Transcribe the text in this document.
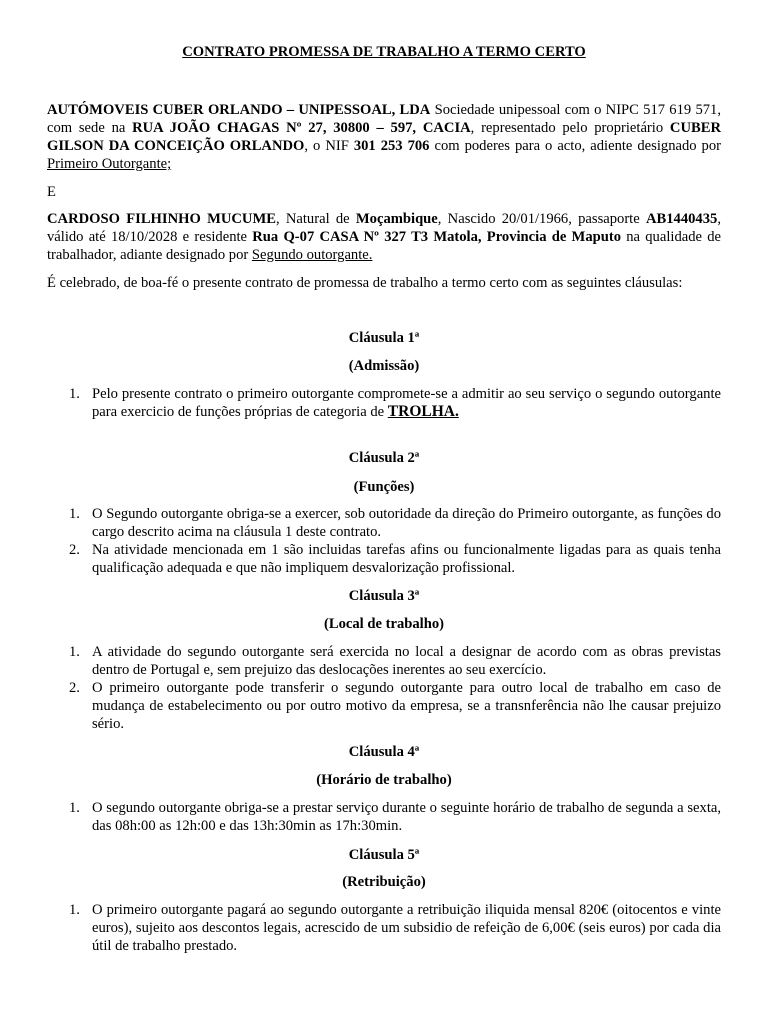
CONTRATO PROMESSA DE TRABALHO A TERMO CERTO

AUTÓMOVEIS CUBER ORLANDO – UNIPESSOAL, LDA Sociedade unipessoal com o NIPC 517 619 571, com sede na RUA JOÃO CHAGAS Nº 27, 30800 – 597, CACIA, representado pelo proprietário CUBER GILSON DA CONCEIÇÃO ORLANDO, o NIF 301 253 706 com poderes para o acto, adiente designado por Primeiro Outorgante;

E

CARDOSO FILHINHO MUCUME, Natural de Moçambique, Nascido 20/01/1966, passaporte AB1440435, válido até 18/10/2028 e residente Rua Q-07 CASA Nº 327 T3 Matola, Provincia de Maputo na qualidade de trabalhador, adiante designado por Segundo outorgante.

É celebrado, de boa-fé o presente contrato de promessa de trabalho a termo certo com as seguintes cláusulas:

Cláusula 1ª
(Admissão)
1. Pelo presente contrato o primeiro outorgante compromete-se a admitir ao seu serviço o segundo outorgante para exercicio de funções próprias de categoria de TROLHA.
Cláusula 2ª
(Funções)
1. O Segundo outorgante obriga-se a exercer, sob outoridade da direção do Primeiro outorgante, as funções do cargo descrito acima na cláusula 1 deste contrato.
2. Na atividade mencionada em 1 são incluidas tarefas afins ou funcionalmente ligadas para as quais tenha qualificação adequada e que não impliquem desvalorização profissional.
Cláusula 3ª
(Local de trabalho)
1. A atividade do segundo outorgante será exercida no local a designar de acordo com as obras previstas dentro de Portugal e, sem prejuizo das deslocações inerentes ao seu exercício.
2. O primeiro outorgante pode transferir o segundo outorgante para outro local de trabalho em caso de mudança de estabelecimento ou por outro motivo da empresa, se a transnferência não lhe causar prejuizo sério.
Cláusula 4ª
(Horário de trabalho)
1. O segundo outorgante obriga-se a prestar serviço durante o seguinte horário de trabalho de segunda a sexta, das 08h:00 as 12h:00 e das 13h:30min as 17h:30min.
Cláusula 5ª
(Retribuição)
1. O primeiro outorgante pagará ao segundo outorgante a retribuição iliquida mensal 820€ (oitocentos e vinte euros), sujeito aos descontos legais, acrescido de um subsidio de refeição de 6,00€ (seis euros) por cada dia útil de trabalho prestado.
